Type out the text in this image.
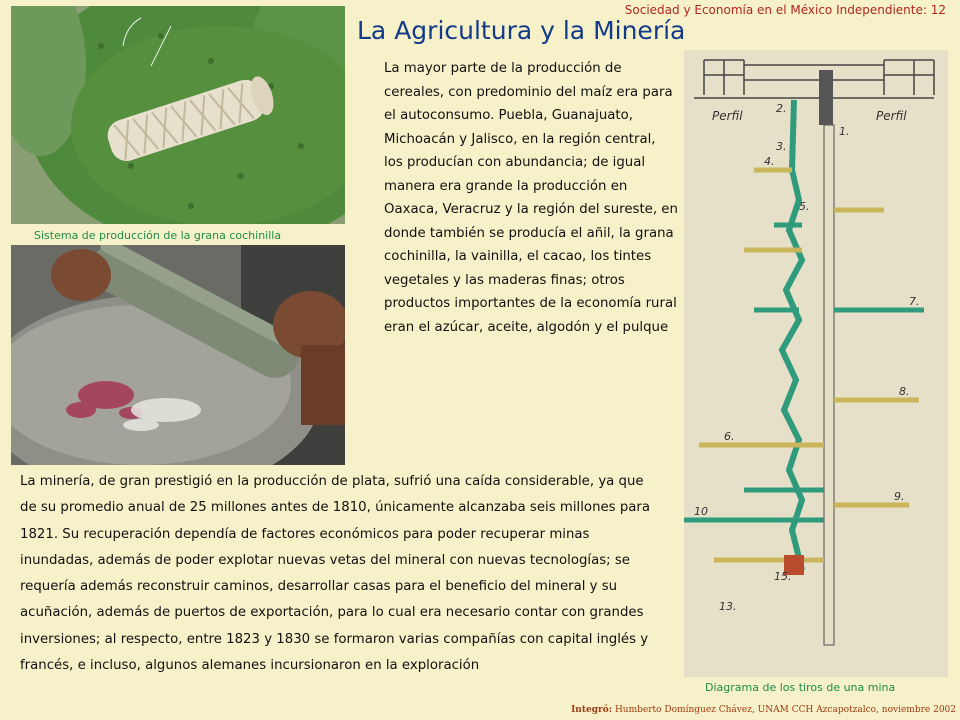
Sociedad y Economía en el México Independiente: 12
La Agricultura y la Minería
Sistema de producción de la grana cochinilla

La mayor parte de la producción de cereales, con predominio del maíz era para el autoconsumo. Puebla, Guanajuato, Michoacán y Jalisco, en la región central, los producían con abundancia; de igual manera era grande la producción en Oaxaca, Veracruz y la región del sureste, en donde también se producía el añil, la grana cochinilla, la vainilla, el cacao, los tintes vegetales y las maderas finas; otros productos importantes de la economía rural eran el azúcar, aceite, algodón y el pulque

La minería, de gran prestigió en la producción de plata, sufrió una caída considerable, ya que de su promedio anual de 25 millones antes de 1810, únicamente alcanzaba seis millones para 1821. Su recuperación dependía de factores económicos para poder recuperar minas inundadas, además de poder explotar nuevas vetas del mineral con nuevas tecnologías; se requería además reconstruir caminos, desarrollar casas para el beneficio del mineral y su acuñación, además de puertos de exportación, para lo cual era necesario contar con grandes inversiones; al respecto, entre 1823 y 1830 se formaron varias compañías con capital inglés y francés, e incluso, algunos alemanes incursionaron en la exploración

Perfil	Perfil
1.
2.
3.
4.
5.
6.
7.
8.
9.
10
13.
15.
Diagrama de los tiros de una mina
Integró: Humberto Domínguez Chávez, UNAM CCH Azcapotzalco, noviembre 2002
